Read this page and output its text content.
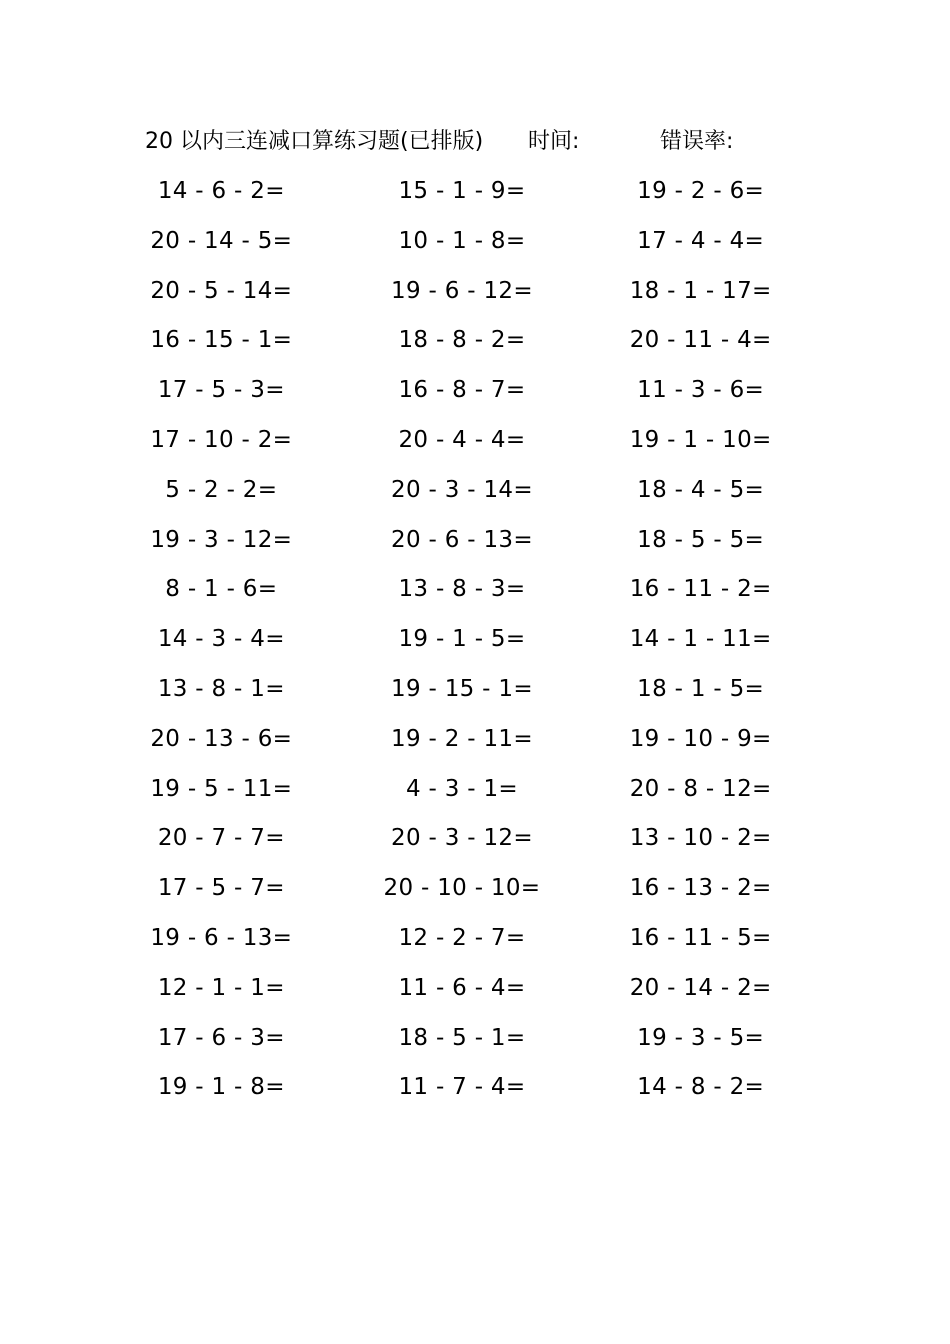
20 以内三连减口算练习题(已排版) 时间:	错误率:
14 - 6 - 2=	15 - 1 - 9=	19 - 2 - 6=
20 - 14 - 5=	10 - 1 - 8=	17 - 4 - 4=
20 - 5 - 14=	19 - 6 - 12=	18 - 1 - 17=
16 - 15 - 1=	18 - 8 - 2=	20 - 11 - 4=
17 - 5 - 3=	16 - 8 - 7=	11 - 3 - 6=
17 - 10 - 2=	20 - 4 - 4=	19 - 1 - 10=
5 - 2 - 2=	20 - 3 - 14=	18 - 4 - 5=
19 - 3 - 12=	20 - 6 - 13=	18 - 5 - 5=
8 - 1 - 6=	13 - 8 - 3=	16 - 11 - 2=
14 - 3 - 4=	19 - 1 - 5=	14 - 1 - 11=
13 - 8 - 1=	19 - 15 - 1=	18 - 1 - 5=
20 - 13 - 6=	19 - 2 - 11=	19 - 10 - 9=
19 - 5 - 11=	4 - 3 - 1=	20 - 8 - 12=
20 - 7 - 7=	20 - 3 - 12=	13 - 10 - 2=
17 - 5 - 7=	20 - 10 - 10=	16 - 13 - 2=
19 - 6 - 13=	12 - 2 - 7=	16 - 11 - 5=
12 - 1 - 1=	11 - 6 - 4=	20 - 14 - 2=
17 - 6 - 3=	18 - 5 - 1=	19 - 3 - 5=
19 - 1 - 8=	11 - 7 - 4=	14 - 8 - 2=
